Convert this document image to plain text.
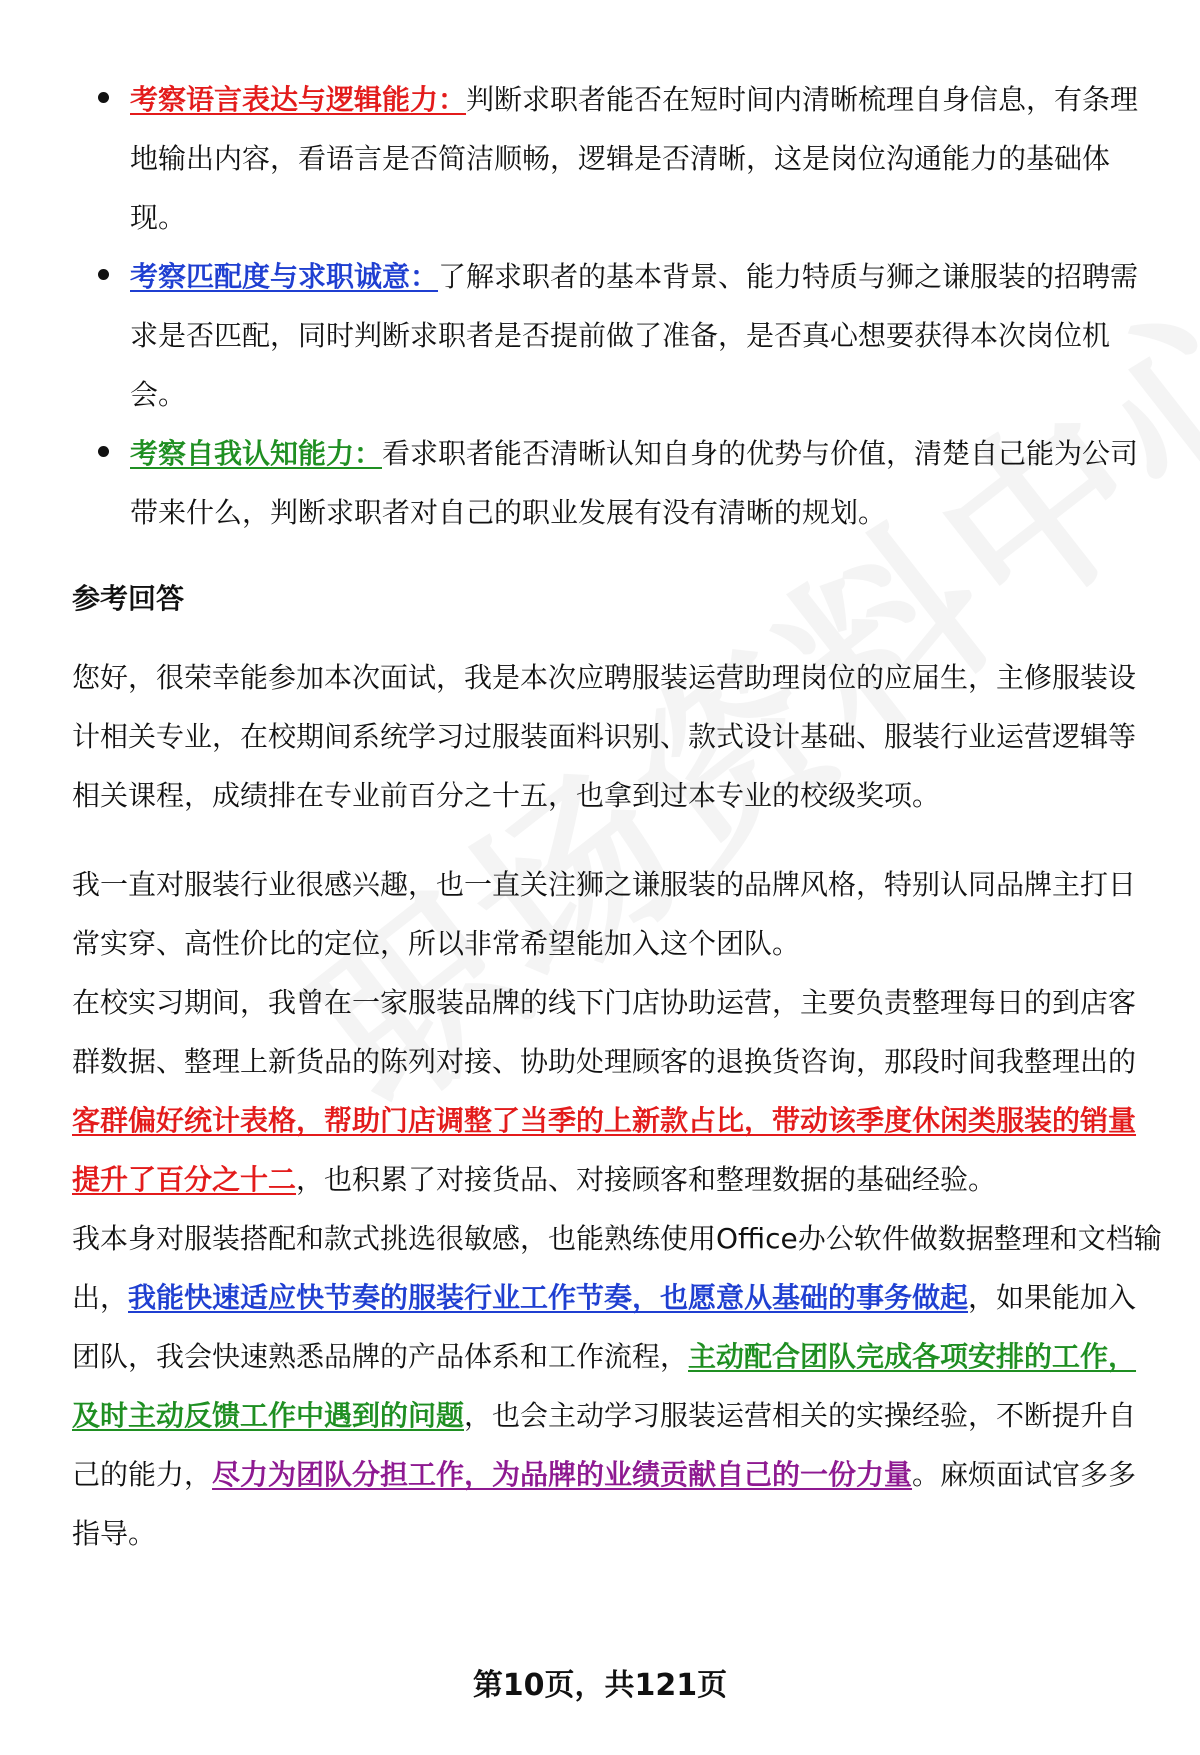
考察语言表达与逻辑能力：判断求职者能否在短时间内清晰梳理自身信息，有条理地输出内容，看语言是否简洁顺畅，逻辑是否清晰，这是岗位沟通能力的基础体现。
考察匹配度与求职诚意：了解求职者的基本背景、能力特质与狮之谦服装的招聘需求是否匹配，同时判断求职者是否提前做了准备，是否真心想要获得本次岗位机会。
考察自我认知能力：看求职者能否清晰认知自身的优势与价值，清楚自己能为公司带来什么，判断求职者对自己的职业发展有没有清晰的规划。
参考回答

您好，很荣幸能参加本次面试，我是本次应聘服装运营助理岗位的应届生，主修服装设计相关专业，在校期间系统学习过服装面料识别、款式设计基础、服装行业运营逻辑等相关课程，成绩排在专业前百分之十五，也拿到过本专业的校级奖项。

我一直对服装行业很感兴趣，也一直关注狮之谦服装的品牌风格，特别认同品牌主打日常实穿、高性价比的定位，所以非常希望能加入这个团队。

在校实习期间，我曾在一家服装品牌的线下门店协助运营，主要负责整理每日的到店客群数据、整理上新货品的陈列对接、协助处理顾客的退换货咨询，那段时间我整理出的客群偏好统计表格，帮助门店调整了当季的上新款占比，带动该季度休闲类服装的销量提升了百分之十二，也积累了对接货品、对接顾客和整理数据的基础经验。

我本身对服装搭配和款式挑选很敏感，也能熟练使用Office办公软件做数据整理和文档输出，我能快速适应快节奏的服装行业工作节奏，也愿意从基础的事务做起，如果能加入团队，我会快速熟悉品牌的产品体系和工作流程，主动配合团队完成各项安排的工作，及时主动反馈工作中遇到的问题，也会主动学习服装运营相关的实操经验，不断提升自己的能力，尽力为团队分担工作，为品牌的业绩贡献自己的一份力量。麻烦面试官多多指导。

第10页，共121页
